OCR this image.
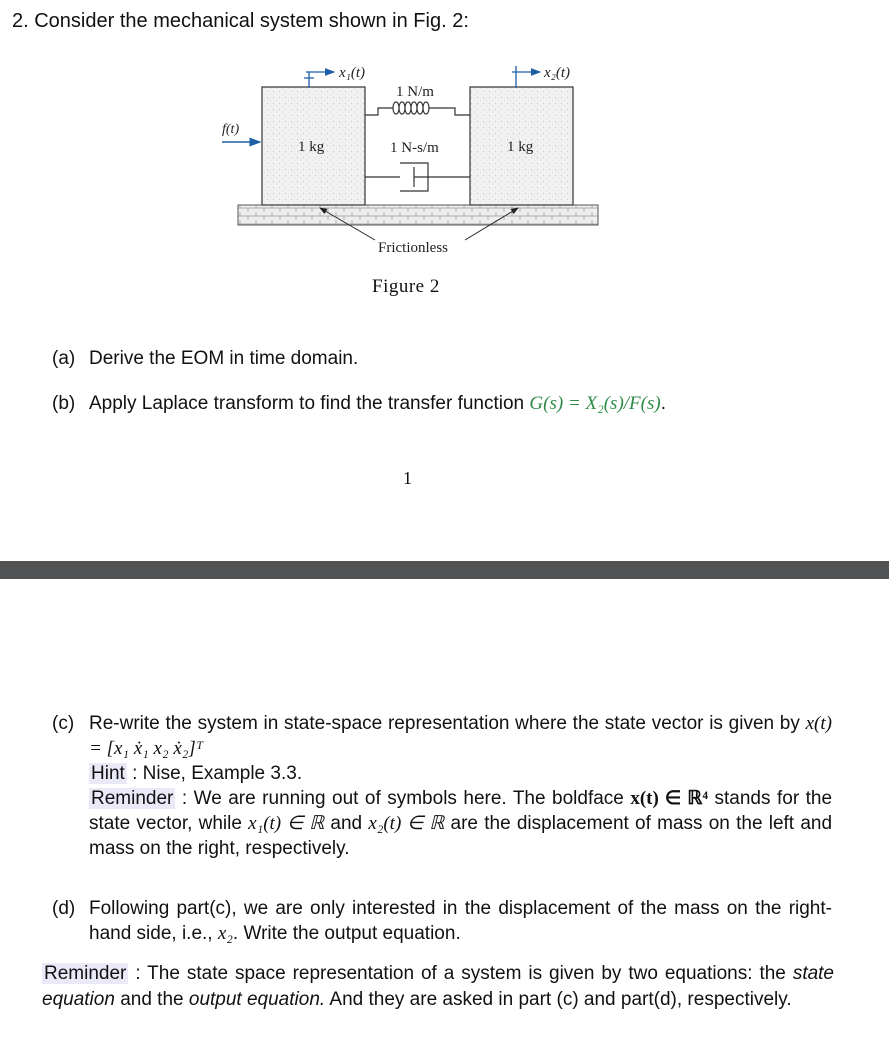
2. Consider the mechanical system shown in Fig. 2:
x₁(t)	x₂(t)
f(t)
1 kg	1 kg
1 N/m
1 N-s/m
Frictionless
Figure 2
(a) Derive the EOM in time domain.
(b) Apply Laplace transform to find the transfer function G(s) = X₂(s)/F(s).
1
(c) Re-write the system in state-space representation where the state vector is given by x(t) = [x₁ ẋ₁ x₂ ẋ₂]ᵀ
Hint : Nise, Example 3.3.
Reminder : We are running out of symbols here. The boldface x(t) ∈ ℝ⁴ stands for the state vector, while x₁(t) ∈ ℝ and x₂(t) ∈ ℝ are the displacement of mass on the left and mass on the right, respectively.
(d) Following part(c), we are only interested in the displacement of the mass on the right-hand side, i.e., x₂. Write the output equation.
Reminder : The state space representation of a system is given by two equations: the state equation and the output equation. And they are asked in part (c) and part(d), respectively.
